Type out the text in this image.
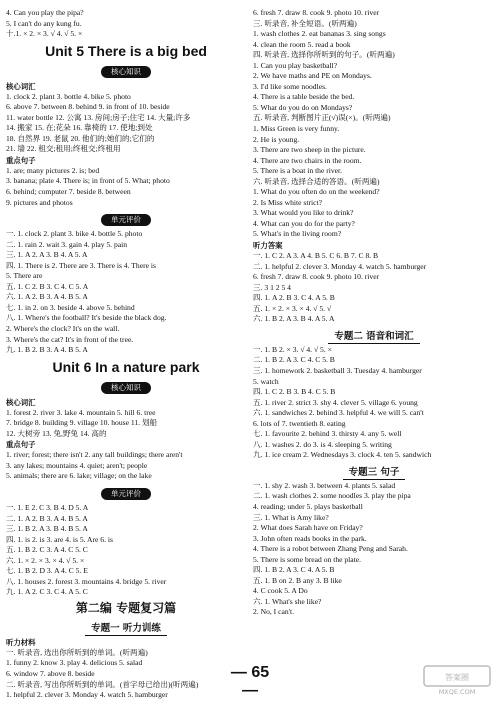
4. Can you play the pipa?
5. I can't do any kung fu.
十.1. × 2. × 3. √ 4. √ 5. ×
Unit 5 There is a big bed
核心知识
核心词汇
1. clock 2. plant 3. bottle 4. bike 5. photo
6. above 7. between 8. behind 9. in front of 10. beside
11. water bottle 12. 公寓 13. 房间;房子;住宅 14. 大量;许多
14. 搬家 15. 在;花朵 16. 靠椅的 17. 使地;到处
18. 自然界 19. 老鼠 20. 他们的;她们的;它们的
21. 墙 22. 租交;租用;终租交;终租用
重点句子
1. are; many pictures 2. is; bed
3. banana; plate 4. There is; in front of 5. What; photo
6. behind; computer 7. beside 8. between
9. pictures and photos
单元评价
一. 1. clock 2. plant 3. bike 4. bottle 5. photo
二. 1. rain 2. wait 3. gain 4. play 5. pain
三. 1. A 2. A 3. B 4. A 5. A
四. 1. There is 2. There are 3. There is 4. There is
5. There are
五. 1. C 2. B 3. C 4. C 5. A
六. 1. A 2. B 3. A 4. B 5. A
七. 1. in 2. on 3. beside 4. above 5. behind
八. 1. Where's the football? It's beside the black dog.
2. Where's the clock? It's on the wall.
3. Where's the cat? It's in front of the tree.
九. 1. B 2. B 3. A 4. B 5. A
Unit 6 In a nature park
核心知识
核心词汇
1. forest 2. river 3. lake 4. mountain 5. hill 6. tree
7. bridge 8. building 9. village 10. house 11. 划船
12. 大树旁 13. 兔,野兔 14. 高的
重点句子
1. river; forest; there isn't 2. any tall buildings; there aren't
3. any lakes; mountains 4. quiet; aren't; people
5. animals; there are 6. lake; village; on the lake
单元评价
一. 1. E 2. C 3. B 4. D 5. A
二. 1. A 2. B 3. A 4. B 5. A
三. 1. B 2. A 3. B 4. B 5. A
四. 1. is 2. is 3. are 4. is 5. Are 6. is
五. 1. B 2. C 3. A 4. C 5. C
六. 1. × 2. × 3. × 4. √ 5. ×
七. 1. B 2. D 3. A 4. C 5. E
八. 1. houses 2. forest 3. mountains 4. bridge 5. river
九. 1. A 2. C 3. C 4. A 5. C
第二编 专题复习篇
专题一 听力训练
听力材料
一. 听录音, 选出你所听到的单词。(听两遍)
1. funny 2. know 3. play 4. delicious 5. salad
6. window 7. above 8. beside
二. 听录音, 写出你所听到的单词。(首字母已给出)(听两遍)
1. helpful 2. clever 3. Monday 4. watch 5. hamburger
6. fresh 7. draw 8. cook 9. photo 10. river
三. 听录音, 补全短语。(听两遍)
1. wash clothes 2. eat bananas 3. sing songs
4. clean the room 5. read a book
四. 听录音, 选择你所听到的句子。(听两遍)
1. Can you play basketball?
2. We have maths and PE on Mondays.
3. I'd like some noodles.
4. There is a table beside the bed.
5. What do you do on Mondays?
五. 听录音, 判断图片正(√)误(×)。(听两遍)
1. Miss Green is very funny.
2. He is young.
3. There are two sheep in the picture.
4. There are two chairs in the room.
5. There is a boat in the river.
六. 听录音, 选择合适的答语。(听两遍)
1. What do you often do on the weekend?
2. Is Miss white strict?
3. What would you like to drink?
4. What can you do for the party?
5. What's in the living room?
听力答案
一. 1. C 2. A 3. A 4. B 5. C 6. B 7. C 8. B
二. 1. helpful 2. clever 3. Monday 4. watch 5. hamburger
6. fresh 7. draw 8. cook 9. photo 10. river
三. 3 1 2 5 4
四. 1. A 2. B 3. C 4. A 5. B
五. 1. × 2. × 3. × 4. √ 5. √
六. 1. B 2. A 3. B 4. A 5. A
专题二 语音和词汇
一. 1. B 2. × 3. √ 4. √ 5. ×
二. 1. B 2. A 3. C 4. C 5. B
三. 1. homework 2. basketball 3. Tuesday 4. hamburger
5. watch
四. 1. C 2. B 3. B 4. C 5. B
五. 1. river 2. strict 3. shy 4. clever 5. village 6. young
六. 1. sandwiches 2. behind 3. helpful 4. we will 5. can't
6. lots of 7. twentieth 8. eating
七. 1. favourite 2. behind 3. thirsty 4. any 5. well
八. 1. washes 2. do 3. is 4. sleeping 5. writing
九. 1. ice cream 2. Wednesdays 3. clock 4. ten 5. sandwich
专题三 句子
一. 1. shy 2. wash 3. between 4. plants 5. salad
二. 1. wash clothes 2. some noodles 3. play the pipa
4. reading; under 5. plays basketball
三. 1. What is Amy like?
2. What does Sarah have on Friday?
3. John often reads books in the park.
4. There is a robot between Zhang Peng and Sarah.
5. There is some bread on the plate.
四. 1. B 2. A 3. C 4. A 5. B
五. 1. B on 2. B any 3. B like
4. C cook 5. A Do
六. 1. What's she like?
2. No, I can't.
— 65 —
答案圈
MXQE.COM
